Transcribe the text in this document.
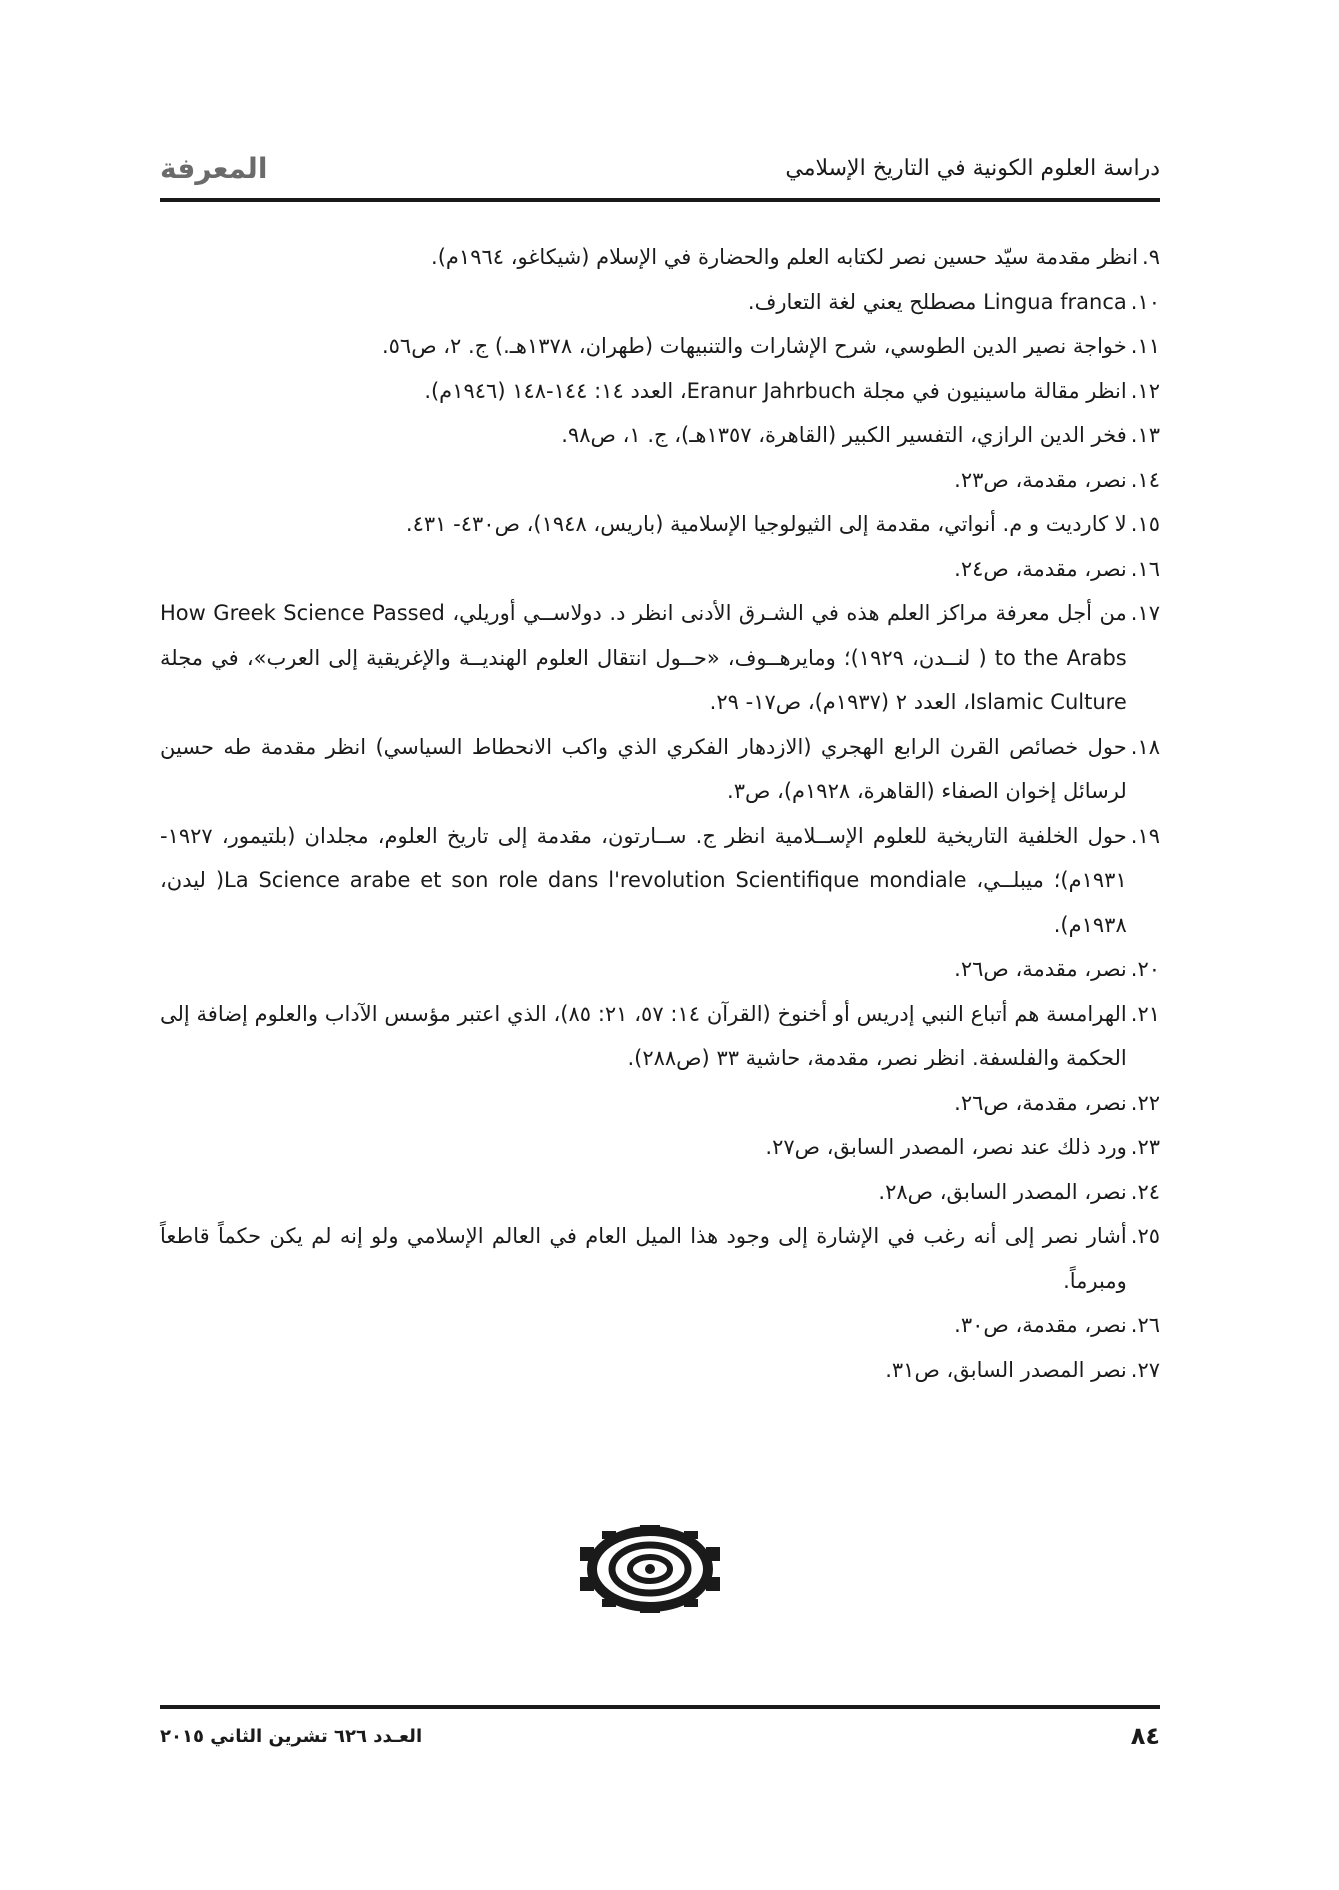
دراسة العلوم الكونية في التاريخ الإسلامي
المعرفة
٩.
انظر مقدمة سيّد حسين نصر لكتابه العلم والحضارة في الإسلام (شيكاغو، ١٩٦٤م).
١٠.
Lingua franca مصطلح يعني لغة التعارف.
١١.
خواجة نصير الدين الطوسي، شرح الإشارات والتنبيهات (طهران، ١٣٧٨هـ.) ج. ٢، ص٥٦.
١٢.
انظر مقالة ماسينيون في مجلة Eranur Jahrbuch، العدد ١٤: ١٤٤-١٤٨ (١٩٤٦م).
١٣.
فخر الدين الرازي، التفسير الكبير (القاهرة، ١٣٥٧هـ)، ج. ١، ص٩٨.
١٤.
نصر، مقدمة، ص٢٣.
١٥.
لا كارديت و م. أنواتي، مقدمة إلى الثيولوجيا الإسلامية (باريس، ١٩٤٨)، ص٤٣٠- ٤٣١.
١٦.
نصر، مقدمة، ص٢٤.
١٧.
من أجل معرفة مراكز العلم هذه في الشـرق الأدنى انظر د. دولاســي أوريلي، How Greek Science Passed to the Arabs ( لنــدن، ١٩٢٩)؛ ومايرهــوف، «حــول انتقال العلوم الهنديــة والإغريقية إلى العرب»، في مجلة Islamic Culture، العدد ٢ (١٩٣٧م)، ص١٧- ٢٩.
١٨.
حول خصائص القرن الرابع الهجري (الازدهار الفكري الذي واكب الانحطاط السياسي) انظر مقدمة طه حسين لرسائل إخوان الصفاء (القاهرة، ١٩٢٨م)، ص٣.
١٩.
حول الخلفية التاريخية للعلوم الإســلامية انظر ج. ســارتون، مقدمة إلى تاريخ العلوم، مجلدان (بلتيمور، ١٩٢٧- ١٩٣١م)؛ ميبلــي، La Science arabe et son role dans l'revolution Scientifique mondiale( ليدن، ١٩٣٨م).
٢٠.
نصر، مقدمة، ص٢٦.
٢١.
الهرامسة هم أتباع النبي إدريس أو أخنوخ (القرآن ١٤: ٥٧، ٢١: ٨٥)، الذي اعتبر مؤسس الآداب والعلوم إضافة إلى الحكمة والفلسفة. انظر نصر، مقدمة، حاشية ٣٣ (ص٢٨٨).
٢٢.
نصر، مقدمة، ص٢٦.
٢٣.
ورد ذلك عند نصر، المصدر السابق، ص٢٧.
٢٤.
نصر، المصدر السابق، ص٢٨.
٢٥.
أشار نصر إلى أنه رغب في الإشارة إلى وجود هذا الميل العام في العالم الإسلامي ولو إنه لم يكن حكماً قاطعاً ومبرماً.
٢٦.
نصر، مقدمة، ص٣٠.
٢٧.
نصر المصدر السابق، ص٣١.
٨٤
العـدد ٦٢٦ تشرين الثاني ٢٠١٥
